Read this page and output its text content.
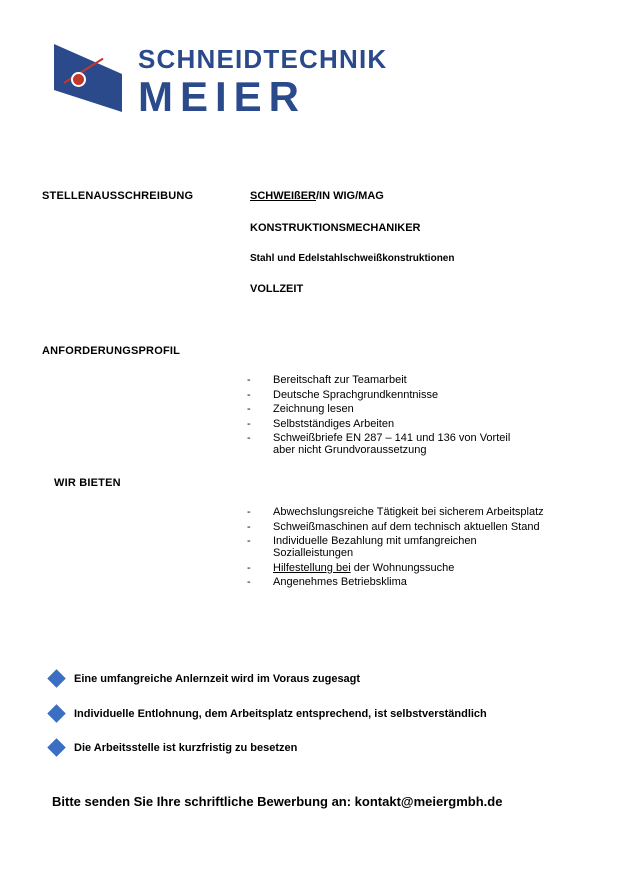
SCHNEIDTECHNIK
MEIER
STELLENAUSSCHREIBUNG	SCHWEIßER/IN WIG/MAG
KONSTRUKTIONSMECHANIKER
Stahl und Edelstahlschweißkonstruktionen
VOLLZEIT
ANFORDERUNGSPROFIL
-	Bereitschaft zur Teamarbeit
-	Deutsche Sprachgrundkenntnisse
-	Zeichnung lesen
-	Selbstständiges Arbeiten
-	Schweißbriefe EN 287 – 141 und 136 von Vorteil
aber nicht Grundvoraussetzung
WIR BIETEN
-	Abwechslungsreiche Tätigkeit bei sicherem Arbeitsplatz
-	Schweißmaschinen auf dem technisch aktuellen Stand
-	Individuelle Bezahlung mit umfangreichen
Sozialleistungen
-	Hilfestellung bei der Wohnungssuche
-	Angenehmes Betriebsklima
Eine umfangreiche Anlernzeit wird im Voraus zugesagt
Individuelle Entlohnung, dem Arbeitsplatz entsprechend, ist selbstverständlich
Die Arbeitsstelle ist kurzfristig zu besetzen
Bitte senden Sie Ihre schriftliche Bewerbung an: kontakt@meiergmbh.de
